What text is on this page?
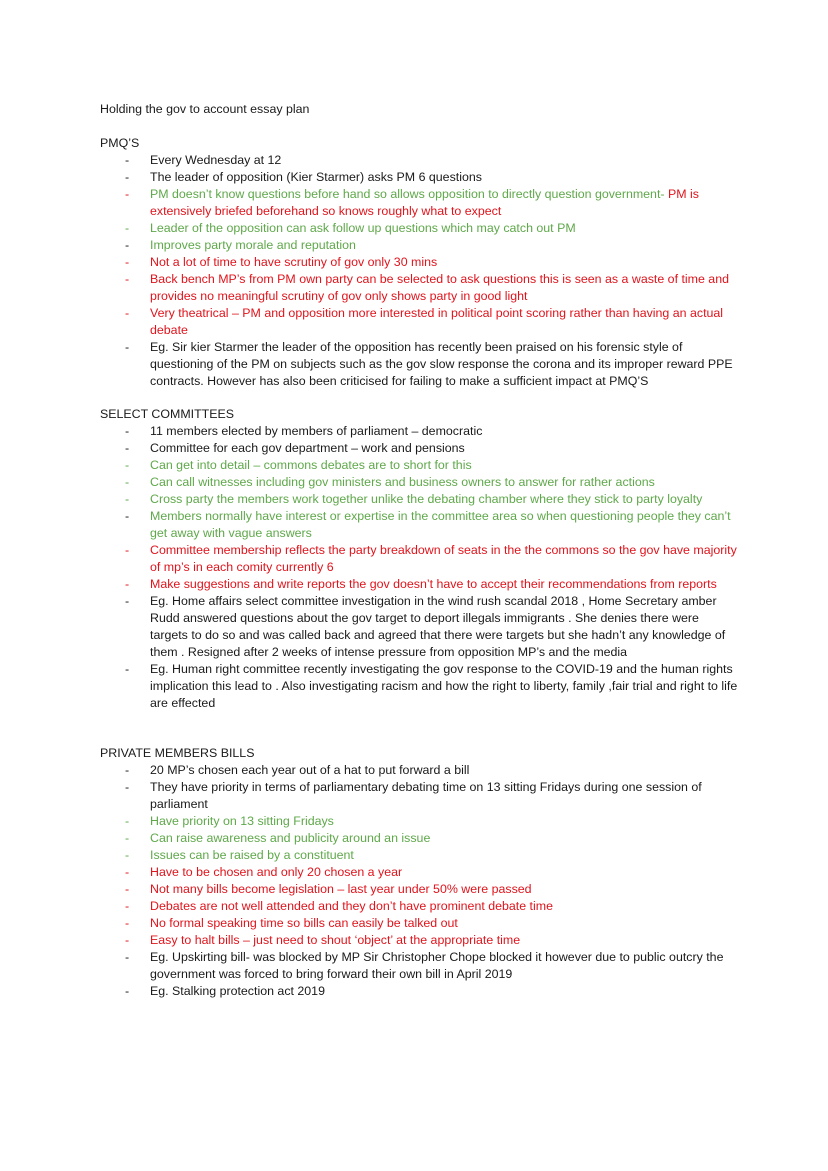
Holding the gov to account essay plan
PMQ’S
- Every Wednesday at 12
- The leader of opposition (Kier Starmer) asks PM 6 questions
- PM doesn’t know questions before hand so allows opposition to directly question government- PM is extensively briefed beforehand so knows roughly what to expect
- Leader of the opposition can ask follow up questions which may catch out PM
- Improves party morale and reputation
- Not a lot of time to have scrutiny of gov only 30 mins
- Back bench MP’s from PM own party can be selected to ask questions this is seen as a waste of time and provides no meaningful scrutiny of gov only shows party in good light
- Very theatrical – PM and opposition more interested in political point scoring rather than having an actual debate
- Eg. Sir kier Starmer the leader of the opposition has recently been praised on his forensic style of questioning of the PM on subjects such as the gov slow response the corona and its improper reward PPE contracts. However has also been criticised for failing to make a sufficient impact at PMQ’S
SELECT COMMITTEES
- 11 members elected by members of parliament – democratic
- Committee for each gov department – work and pensions
- Can get into detail – commons debates are to short for this
- Can call witnesses including gov ministers and business owners to answer for rather actions
- Cross party the members work together unlike the debating chamber where they stick to party loyalty
- Members normally have interest or expertise in the committee area so when questioning people they can’t get away with vague answers
- Committee membership reflects the party breakdown of seats in the the commons so the gov have majority of mp’s in each comity currently 6
- Make suggestions and write reports the gov doesn’t have to accept their recommendations from reports
- Eg. Home affairs select committee investigation in the wind rush scandal 2018 , Home Secretary amber Rudd answered questions about the gov target to deport illegals immigrants . She denies there were targets to do so and was called back and agreed that there were targets but she hadn’t any knowledge of them . Resigned after 2 weeks of intense pressure from opposition MP’s and the media
- Eg. Human right committee recently investigating the gov response to the COVID-19 and the human rights implication this lead to . Also investigating racism and how the right to liberty, family ,fair trial and right to life are effected
PRIVATE MEMBERS BILLS
- 20 MP’s chosen each year out of a hat to put forward a bill
- They have priority in terms of parliamentary debating time on 13 sitting Fridays during one session of parliament
- Have priority on 13 sitting Fridays
- Can raise awareness and publicity around an issue
- Issues can be raised by a constituent
- Have to be chosen and only 20 chosen a year
- Not many bills become legislation – last year under 50% were passed
- Debates are not well attended and they don’t have prominent debate time
- No formal speaking time so bills can easily be talked out
- Easy to halt bills – just need to shout ‘object’ at the appropriate time
- Eg. Upskirting bill- was blocked by MP Sir Christopher Chope blocked it however due to public outcry the government was forced to bring forward their own bill in April 2019
- Eg. Stalking protection act 2019
